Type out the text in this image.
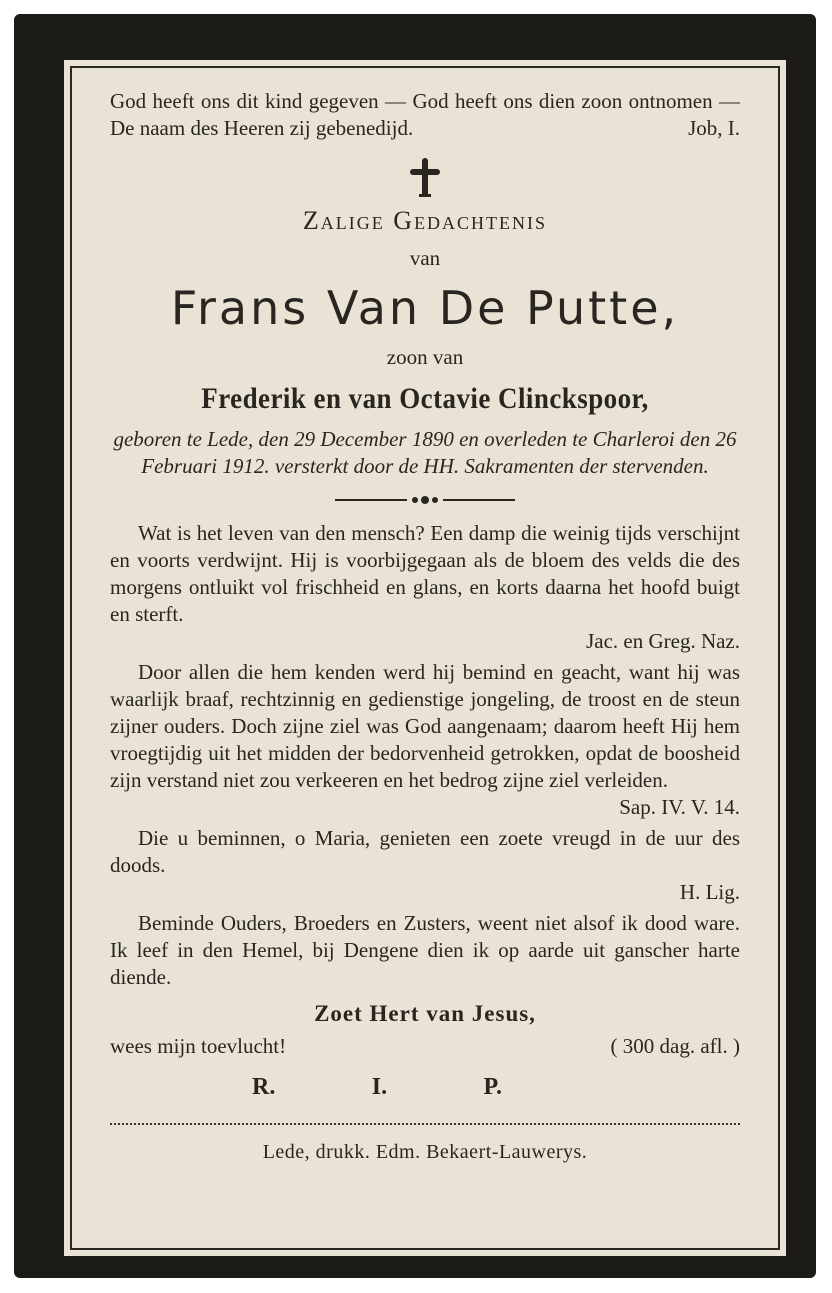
God heeft ons dit kind gegeven — God heeft ons dien zoon ontnomen — De naam des Heeren zij gebenedijd.	Job, I.
Zalige Gedachtenis
van
Frans Van De Putte,
zoon van
Frederik en van Octavie Clinckspoor,
geboren te Lede, den 29 December 1890 en overleden te Charleroi den 26 Februari 1912. versterkt door de HH. Sakramenten der stervenden.

Wat is het leven van den mensch? Een damp die weinig tijds verschijnt en voorts verdwijnt. Hij is voorbijgegaan als de bloem des velds die des morgens ontluikt vol frischheid en glans, en korts daarna het hoofd buigt en sterft.

Jac. en Greg. Naz.

Door allen die hem kenden werd hij bemind en geacht, want hij was waarlijk braaf, rechtzinnig en gedienstige jongeling, de troost en de steun zijner ouders. Doch zijne ziel was God aangenaam; daarom heeft Hij hem vroegtijdig uit het midden der bedorvenheid getrokken, opdat de boosheid zijn verstand niet zou verkeeren en het bedrog zijne ziel verleiden.

Sap. IV. V. 14.

Die u beminnen, o Maria, genieten een zoete vreugd in de uur des doods.

H. Lig.

Beminde Ouders, Broeders en Zusters, weent niet alsof ik dood ware. Ik leef in den Hemel, bij Dengene dien ik op aarde uit ganscher harte diende.

Zoet Hert van Jesus,
wees mijn toevlucht!	( 300 dag. afl. )
R.	I.	P.
Lede, drukk. Edm. Bekaert-Lauwerys.
